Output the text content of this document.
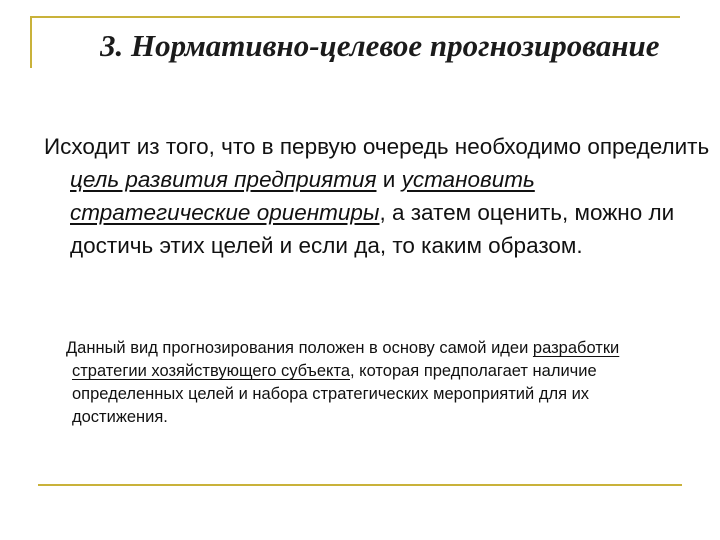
3. Нормативно-целевое прогнозирование

Исходит из того, что в первую очередь необходимо определить цель развития предприятия и установить стратегические ориентиры, а затем оценить, можно ли достичь этих целей и если да, то каким образом.

Данный вид прогнозирования положен в основу самой идеи разработки стратегии хозяйствующего субъекта, которая предполагает наличие определенных целей и набора стратегических мероприятий для их достижения.
